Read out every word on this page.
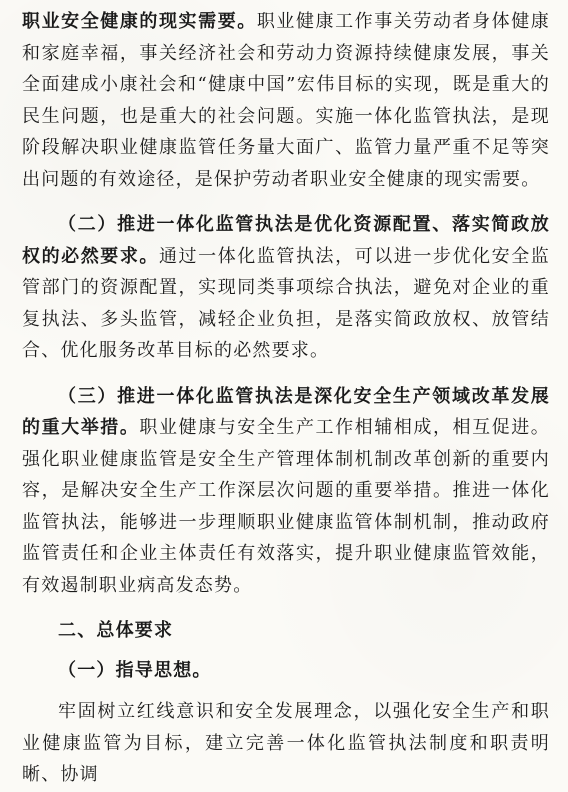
职业安全健康的现实需要。职业健康工作事关劳动者身体健康和家庭幸福，事关经济社会和劳动力资源持续健康发展，事关全面建成小康社会和“健康中国”宏伟目标的实现，既是重大的民生问题，也是重大的社会问题。实施一体化监管执法，是现阶段解决职业健康监管任务量大面广、监管力量严重不足等突出问题的有效途径，是保护劳动者职业安全健康的现实需要。

（二）推进一体化监管执法是优化资源配置、落实简政放权的必然要求。通过一体化监管执法，可以进一步优化安全监管部门的资源配置，实现同类事项综合执法，避免对企业的重复执法、多头监管，减轻企业负担，是落实简政放权、放管结合、优化服务改革目标的必然要求。

（三）推进一体化监管执法是深化安全生产领域改革发展的重大举措。职业健康与安全生产工作相辅相成，相互促进。强化职业健康监管是安全生产管理体制机制改革创新的重要内容，是解决安全生产工作深层次问题的重要举措。推进一体化监管执法，能够进一步理顺职业健康监管体制机制，推动政府监管责任和企业主体责任有效落实，提升职业健康监管效能，有效遏制职业病高发态势。

二、总体要求
（一）指导思想。

牢固树立红线意识和安全发展理念，以强化安全生产和职业健康监管为目标，建立完善一体化监管执法制度和职责明晰、协调
